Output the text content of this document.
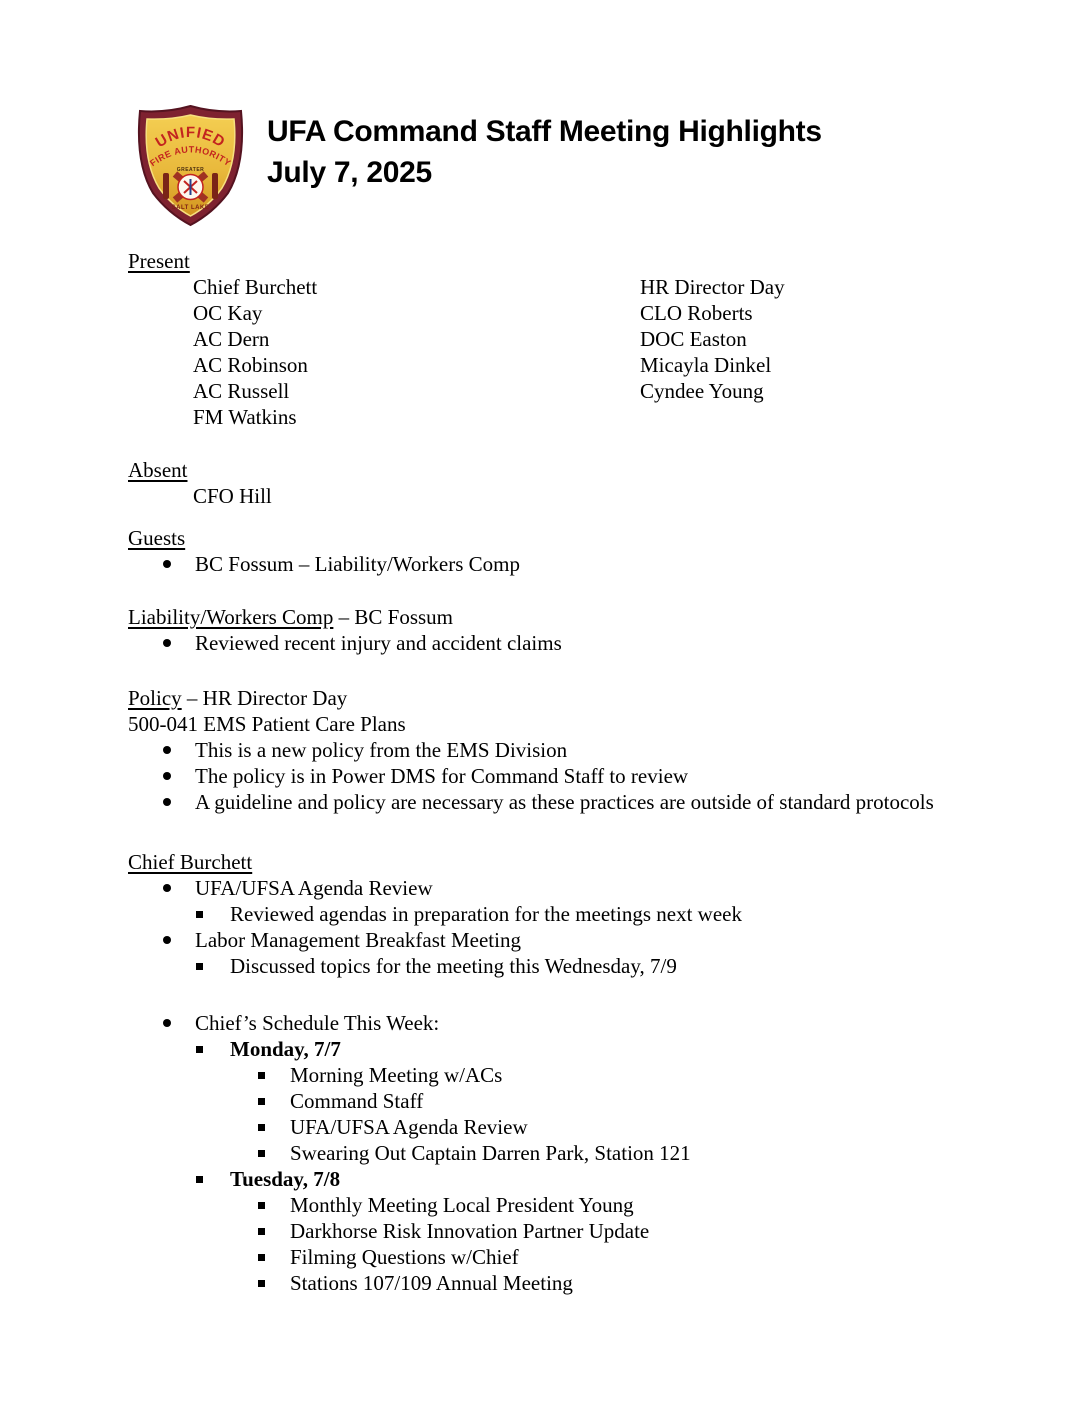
UNIFIED
FIRE AUTHORITY
GREATER
SALT LAKE
UFA Command Staff Meeting Highlights
July 7, 2025
Present
Chief Burchett
OC Kay
AC Dern
AC Robinson
AC Russell
FM Watkins
HR Director Day
CLO Roberts
DOC Easton
Micayla Dinkel
Cyndee Young
Absent
CFO Hill
Guests
BC Fossum – Liability/Workers Comp
Liability/Workers Comp – BC Fossum
Reviewed recent injury and accident claims
Policy – HR Director Day
500-041 EMS Patient Care Plans
This is a new policy from the EMS Division
The policy is in Power DMS for Command Staff to review
A guideline and policy are necessary as these practices are outside of standard protocols
Chief Burchett
UFA/UFSA Agenda Review
Reviewed agendas in preparation for the meetings next week
Labor Management Breakfast Meeting
Discussed topics for the meeting this Wednesday, 7/9
Chief’s Schedule This Week:
Monday, 7/7
Morning Meeting w/ACs
Command Staff
UFA/UFSA Agenda Review
Swearing Out Captain Darren Park, Station 121
Tuesday, 7/8
Monthly Meeting Local President Young
Darkhorse Risk Innovation Partner Update
Filming Questions w/Chief
Stations 107/109 Annual Meeting
